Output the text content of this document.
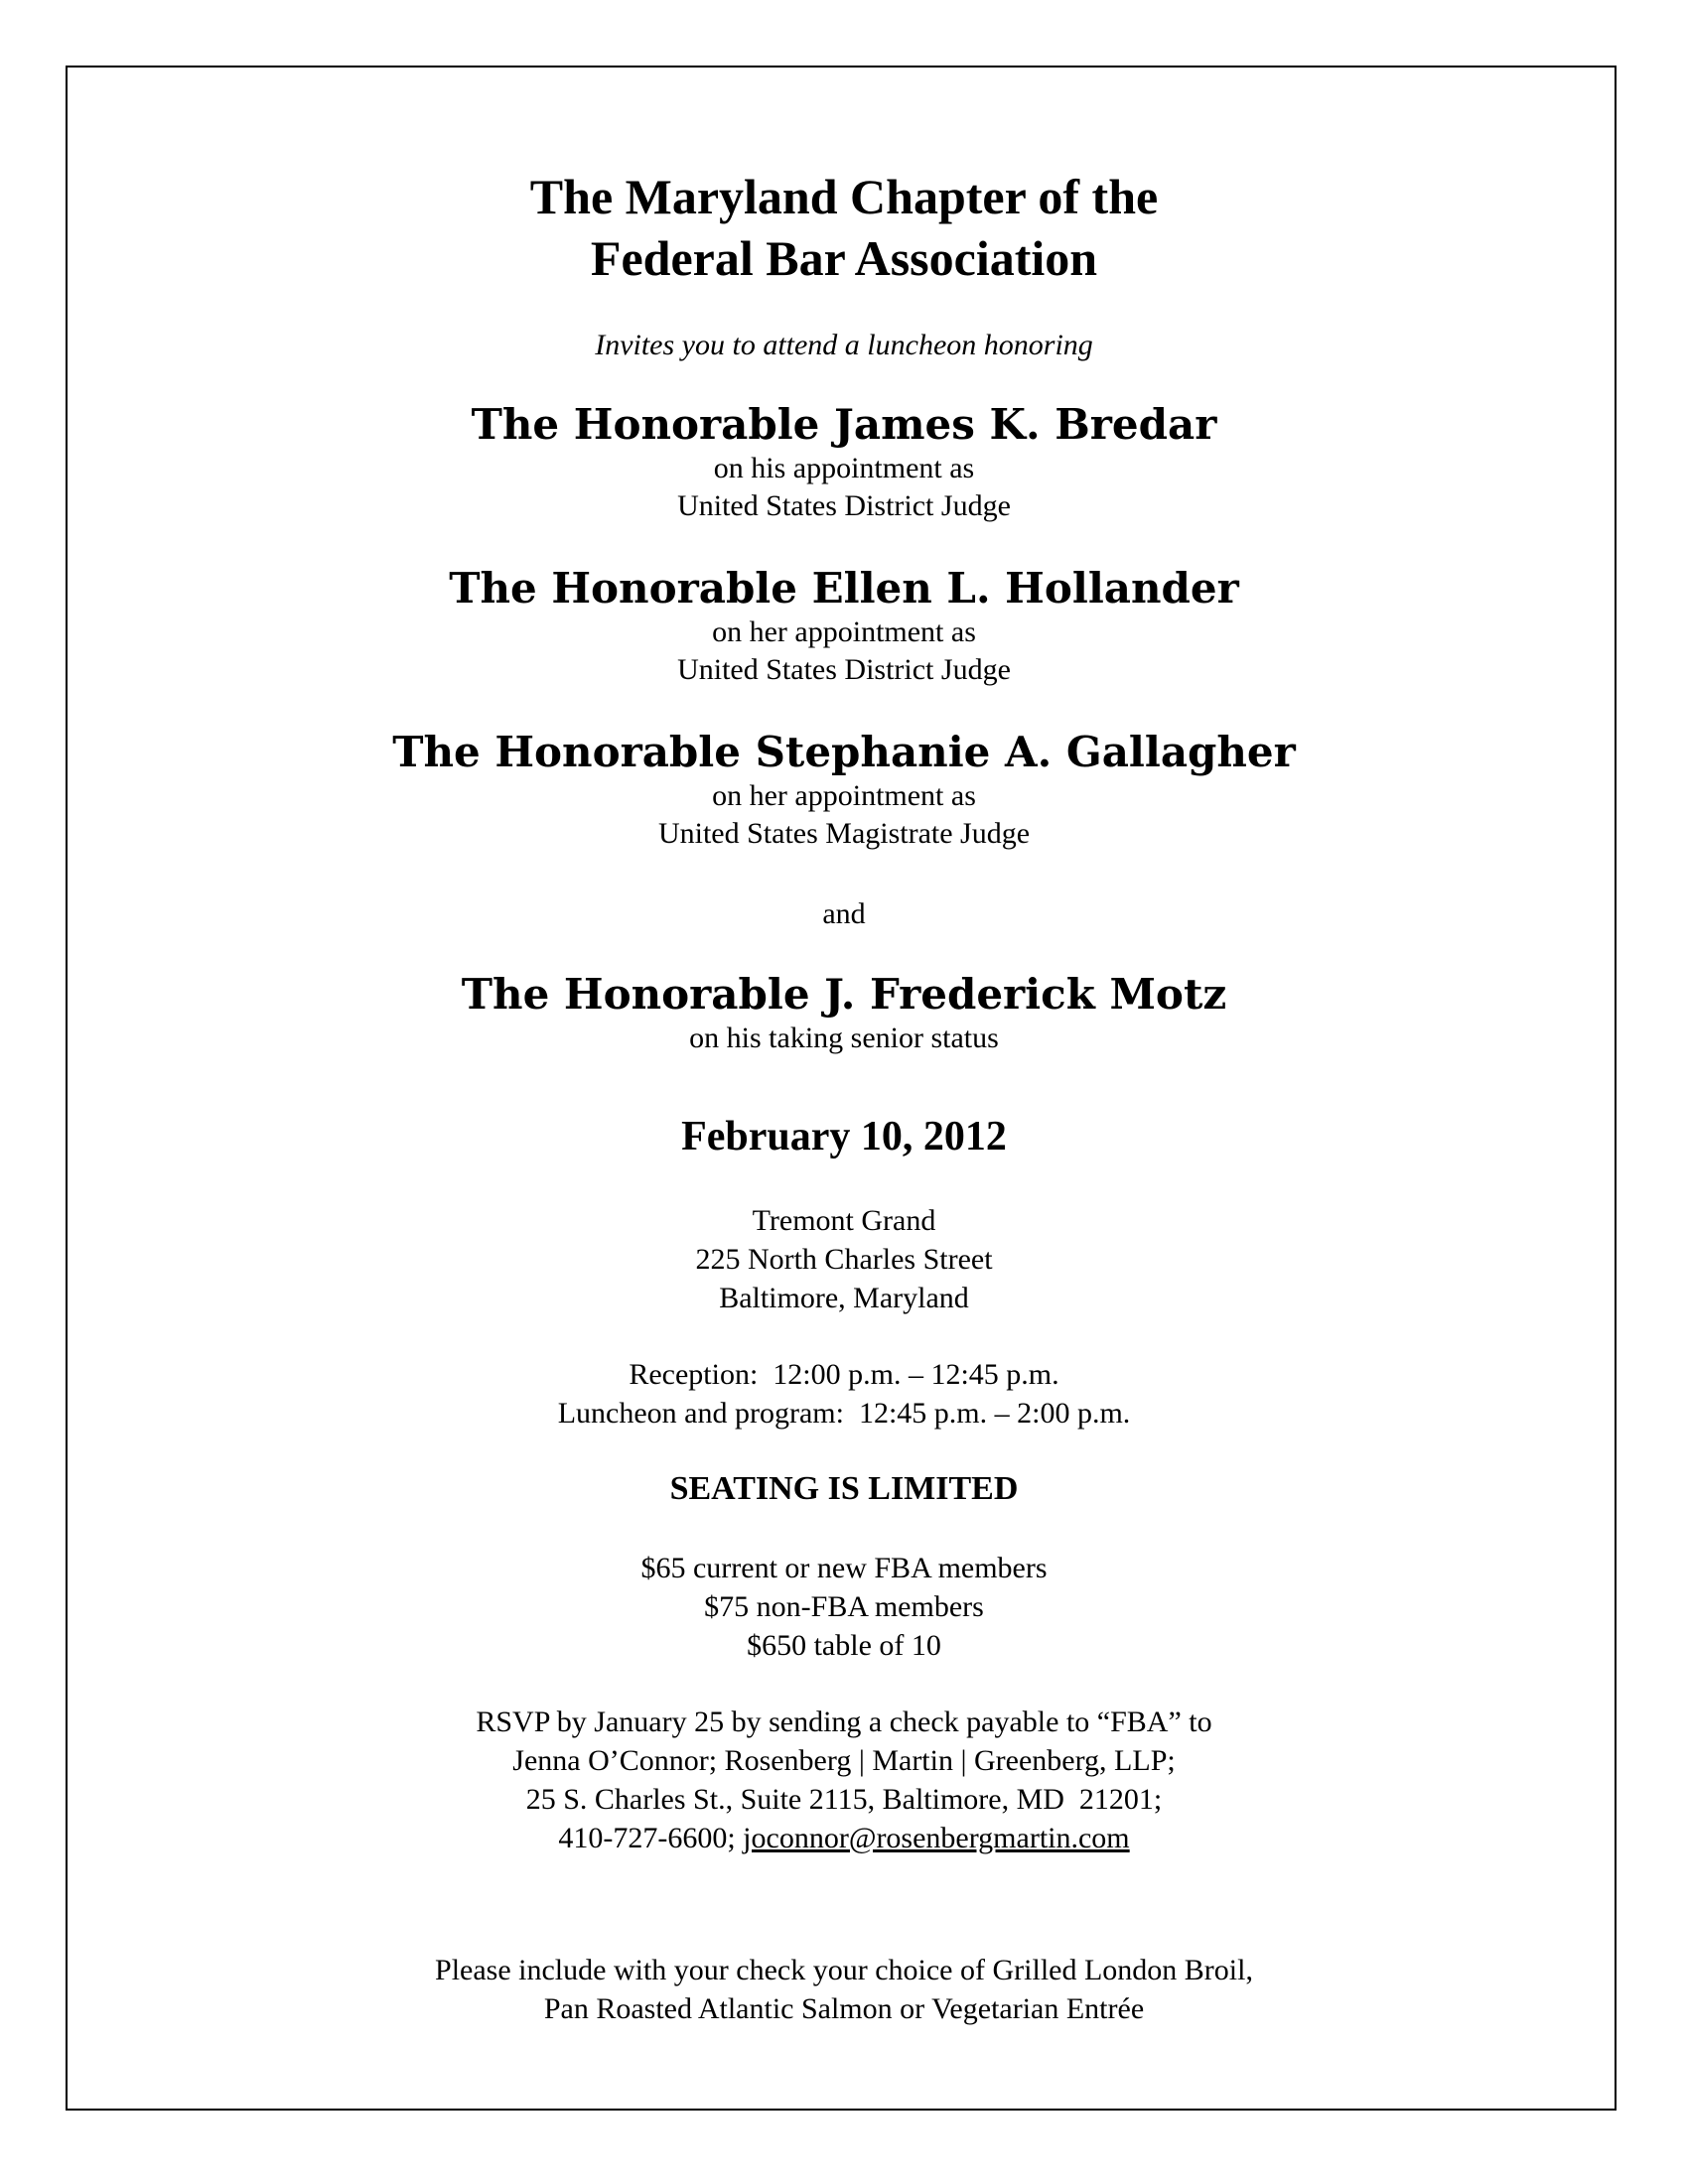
The Maryland Chapter of the
Federal Bar Association
Invites you to attend a luncheon honoring
The Honorable James K. Bredar
on his appointment as
United States District Judge
The Honorable Ellen L. Hollander
on her appointment as
United States District Judge
The Honorable Stephanie A. Gallagher
on her appointment as
United States Magistrate Judge
and
The Honorable J. Frederick Motz
on his taking senior status
February 10, 2012
Tremont Grand
225 North Charles Street
Baltimore, Maryland
Reception:  12:00 p.m. – 12:45 p.m.
Luncheon and program:  12:45 p.m. – 2:00 p.m.
SEATING IS LIMITED
$65 current or new FBA members
$75 non-FBA members
$650 table of 10
RSVP by January 25 by sending a check payable to “FBA” to
Jenna O’Connor; Rosenberg | Martin | Greenberg, LLP;
25 S. Charles St., Suite 2115, Baltimore, MD  21201;
410-727-6600; joconnor@rosenbergmartin.com
Please include with your check your choice of Grilled London Broil,
Pan Roasted Atlantic Salmon or Vegetarian Entrée
